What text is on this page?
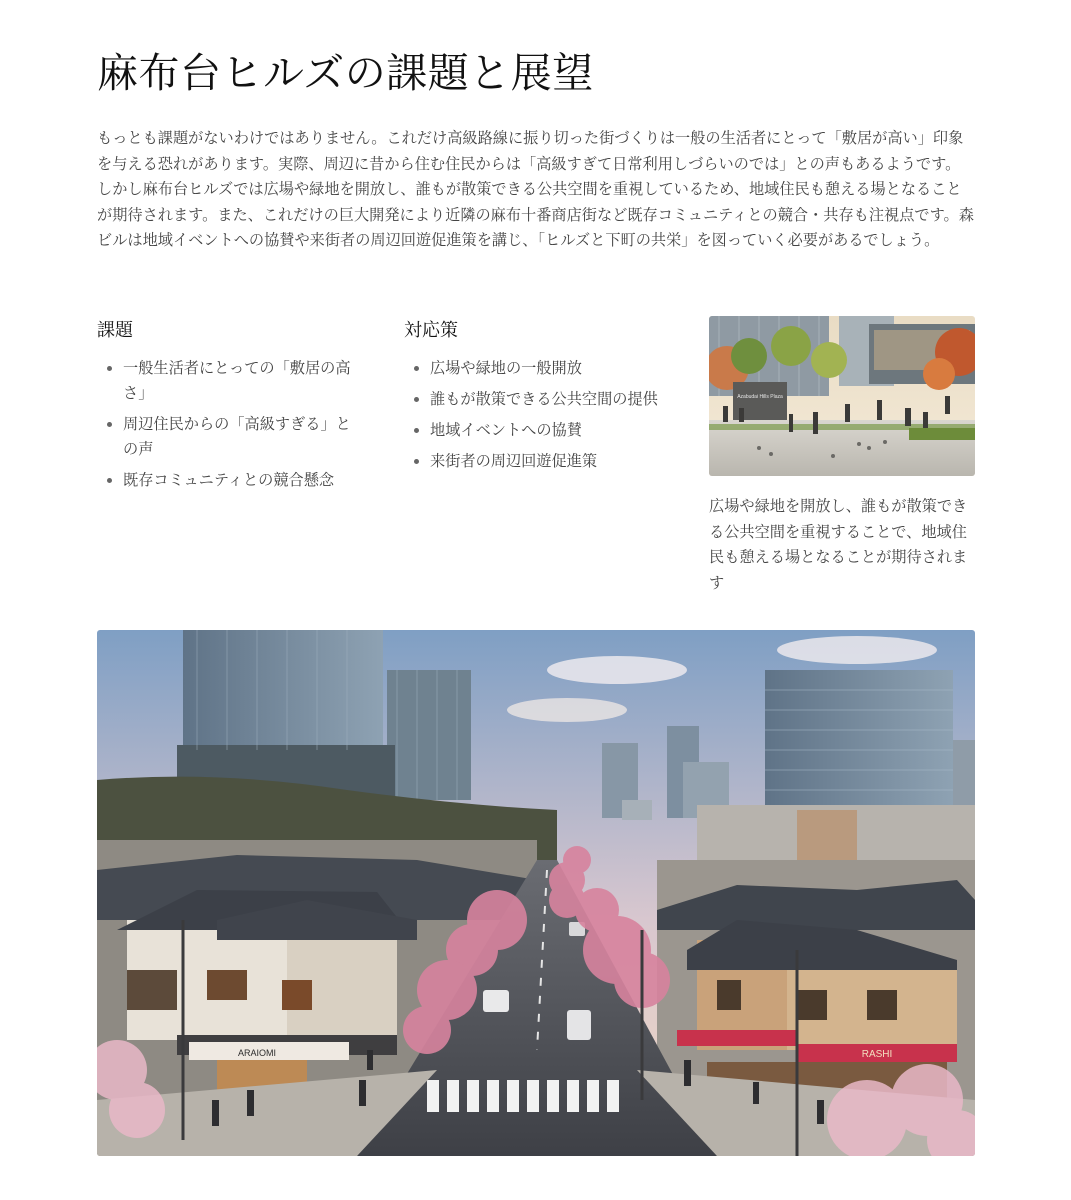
麻布台ヒルズの課題と展望

もっとも課題がないわけではありません。これだけ高級路線に振り切った街づくりは一般の生活者にとって「敷居が高い」印象を与える恐れがあります。実際、周辺に昔から住む住民からは「高級すぎて日常利用しづらいのでは」との声もあるようです。しかし麻布台ヒルズでは広場や緑地を開放し、誰もが散策できる公共空間を重視しているため、地域住民も憩える場となることが期待されます。また、これだけの巨大開発により近隣の麻布十番商店街など既存コミュニティとの競合・共存も注視点です。森ビルは地域イベントへの協賛や来街者の周辺回遊促進策を講じ、「ヒルズと下町の共栄」を図っていく必要があるでしょう。

課題
• 一般生活者にとっての「敷居の高さ」
• 周辺住民からの「高級すぎる」との声
• 既存コミュニティとの競合懸念
対応策
• 広場や緑地の一般開放
• 誰もが散策できる公共空間の提供
• 地域イベントへの協賛
• 来街者の周辺回遊促進策
Azabudai Hills Plaza

広場や緑地を開放し、誰もが散策できる公共空間を重視することで、地域住民も憩える場となることが期待されます

ARAIOMI	RASHI
